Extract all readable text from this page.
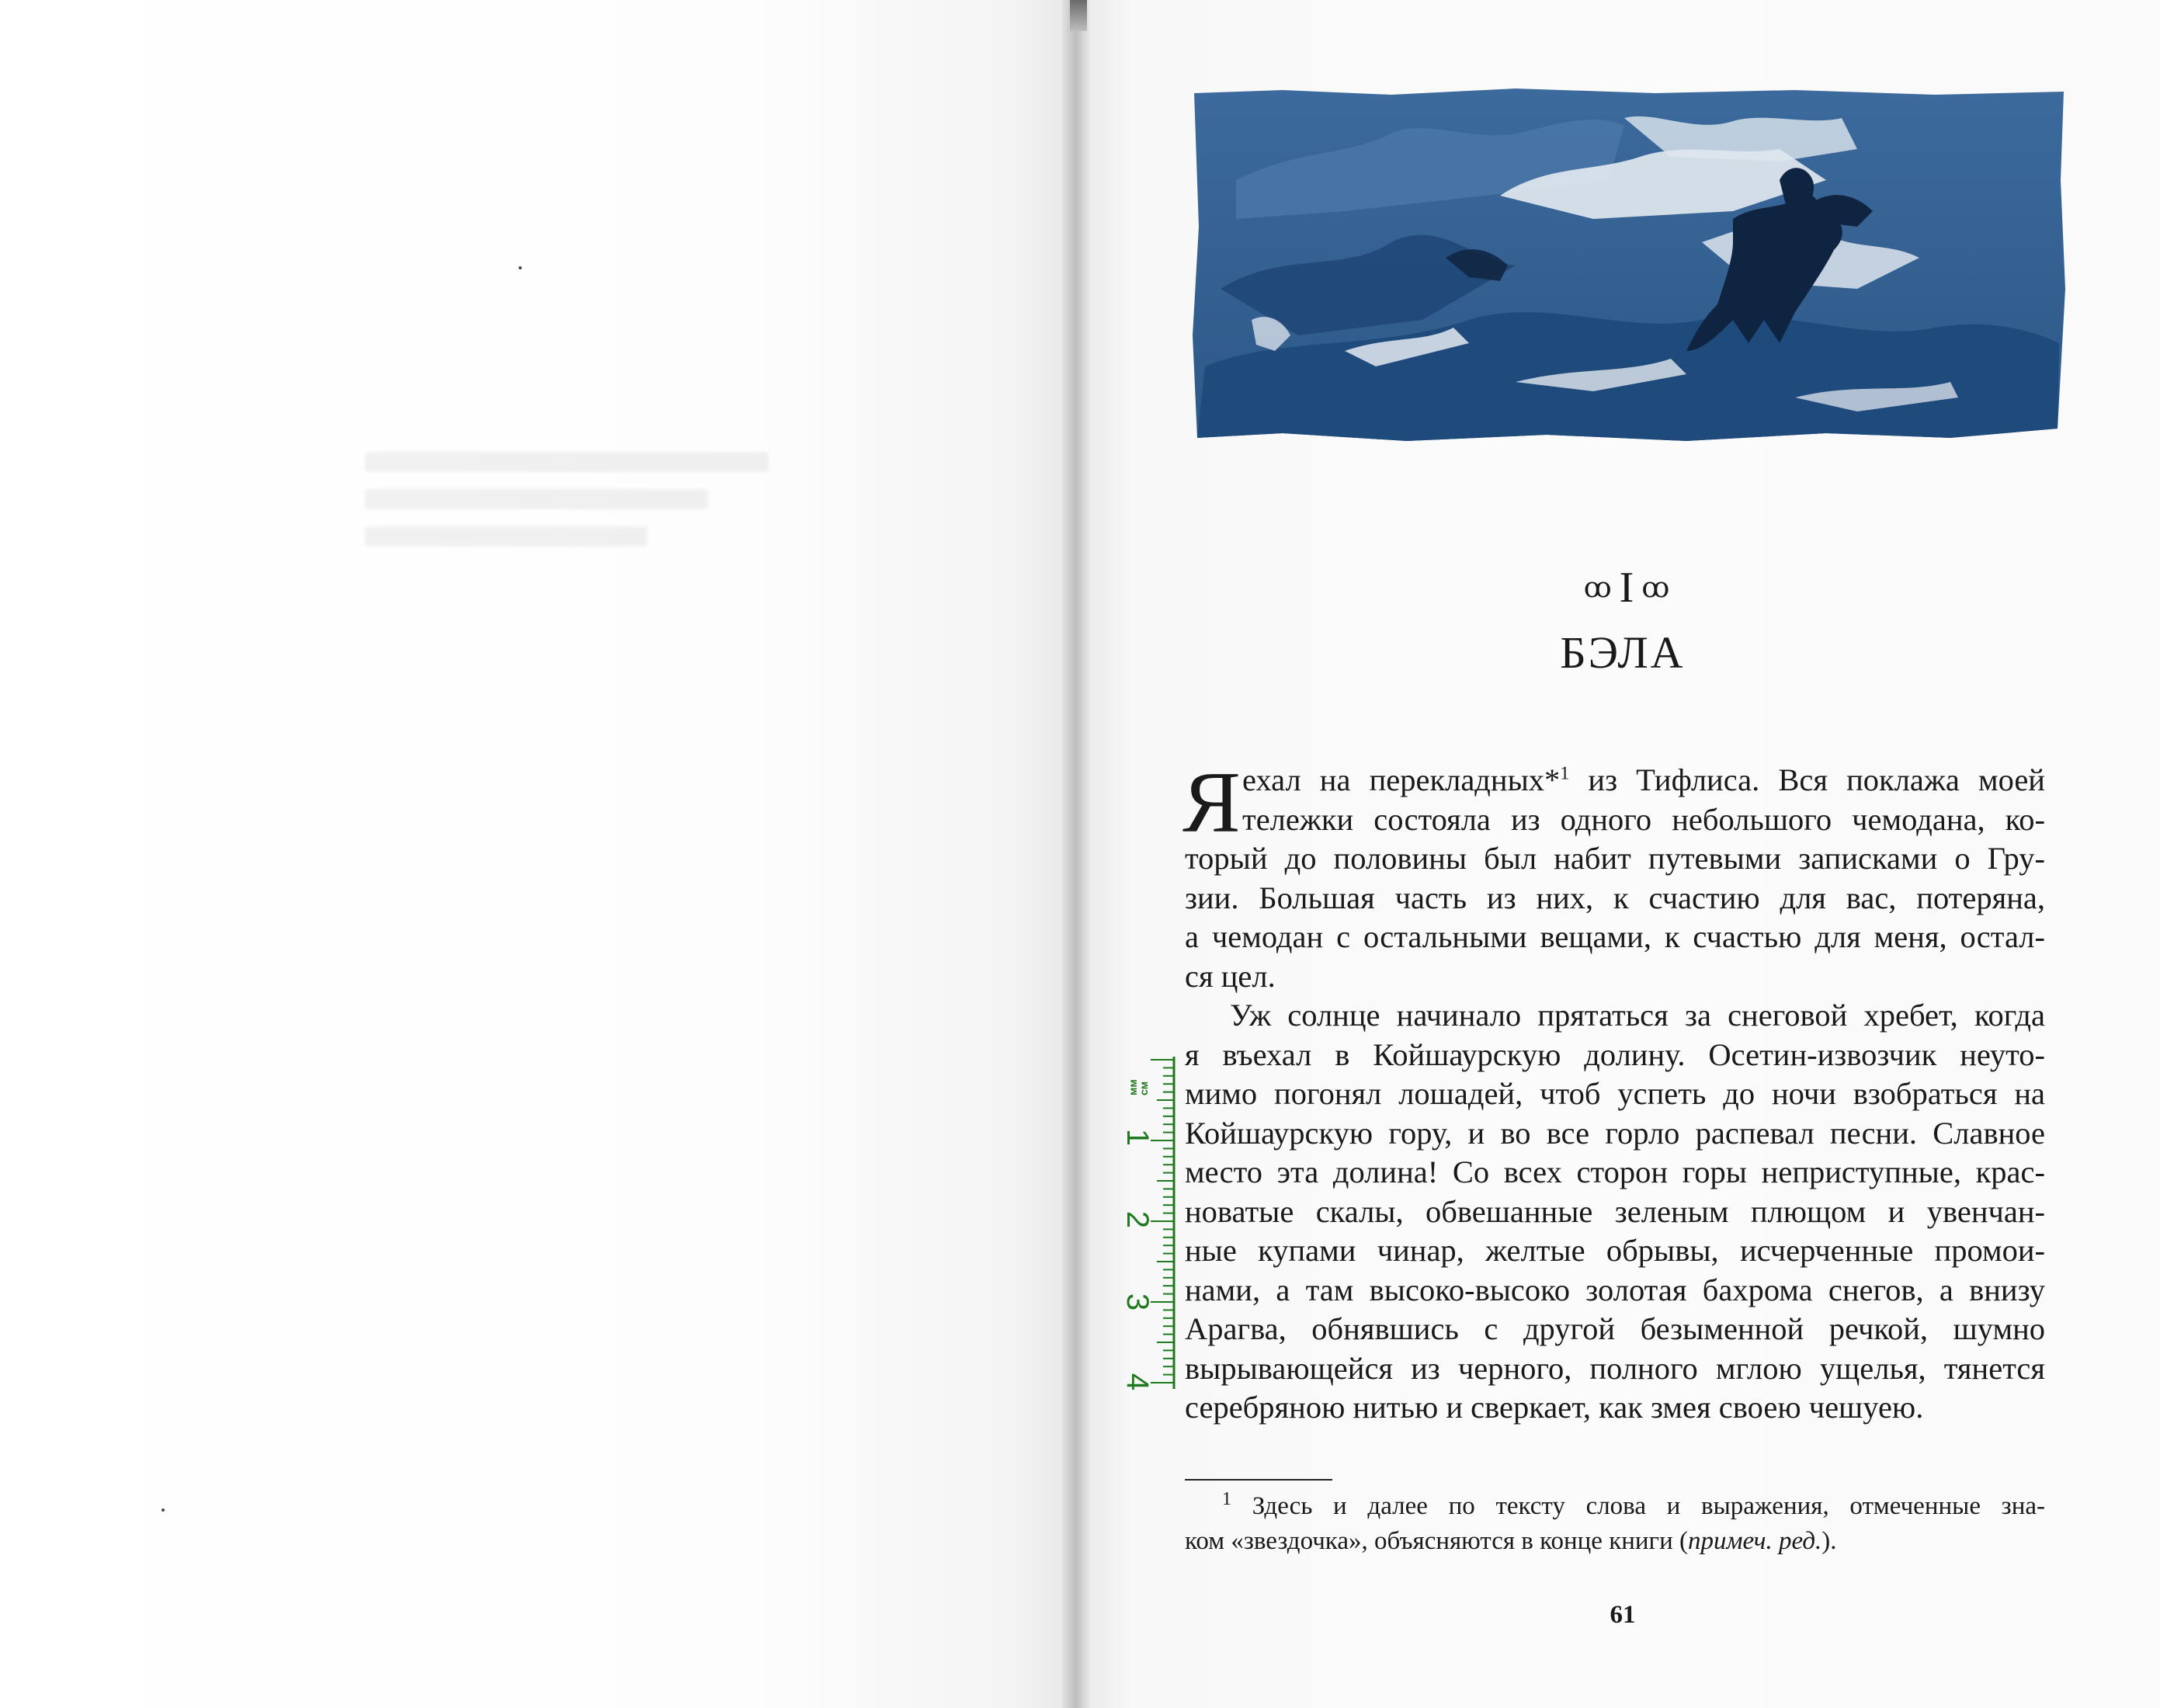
ꝏ I ꝏ
БЭЛА
Я ехал на перекладных*$^1$ из Тифлиса. Вся поклажа моей
тележки состояла из одного небольшого чемодана, ко-
торый до половины был набит путевыми записками о Гру-
зии. Большая часть из них, к счастию для вас, потеряна,
а чемодан с остальными вещами, к счастью для меня, остал-
ся цел.
Уж солнце начинало прятаться за снеговой хребет, когда
я въехал в Койшаурскую долину. Осетин-извозчик неуто-
мимо погонял лошадей, чтоб успеть до ночи взобраться на
Койшаурскую гору, и во все горло распевал песни. Славное
место эта долина! Со всех сторон горы неприступные, крас-
новатые скалы, обвешанные зеленым плющом и увенчан-
ные купами чинар, желтые обрывы, исчерченные промои-
нами, а там высоко-высоко золотая бахрома снегов, а внизу
Арагва, обнявшись с другой безыменной речкой, шумно
вырывающейся из черного, полного мглою ущелья, тянется
серебряною нитью и сверкает, как змея своею чешуею.
$^1$ Здесь и далее по тексту слова и выражения, отмеченные зна-
ком «звездочка», объясняются в конце книги (примеч. ред.).
61
мм см
1
2
3
4
